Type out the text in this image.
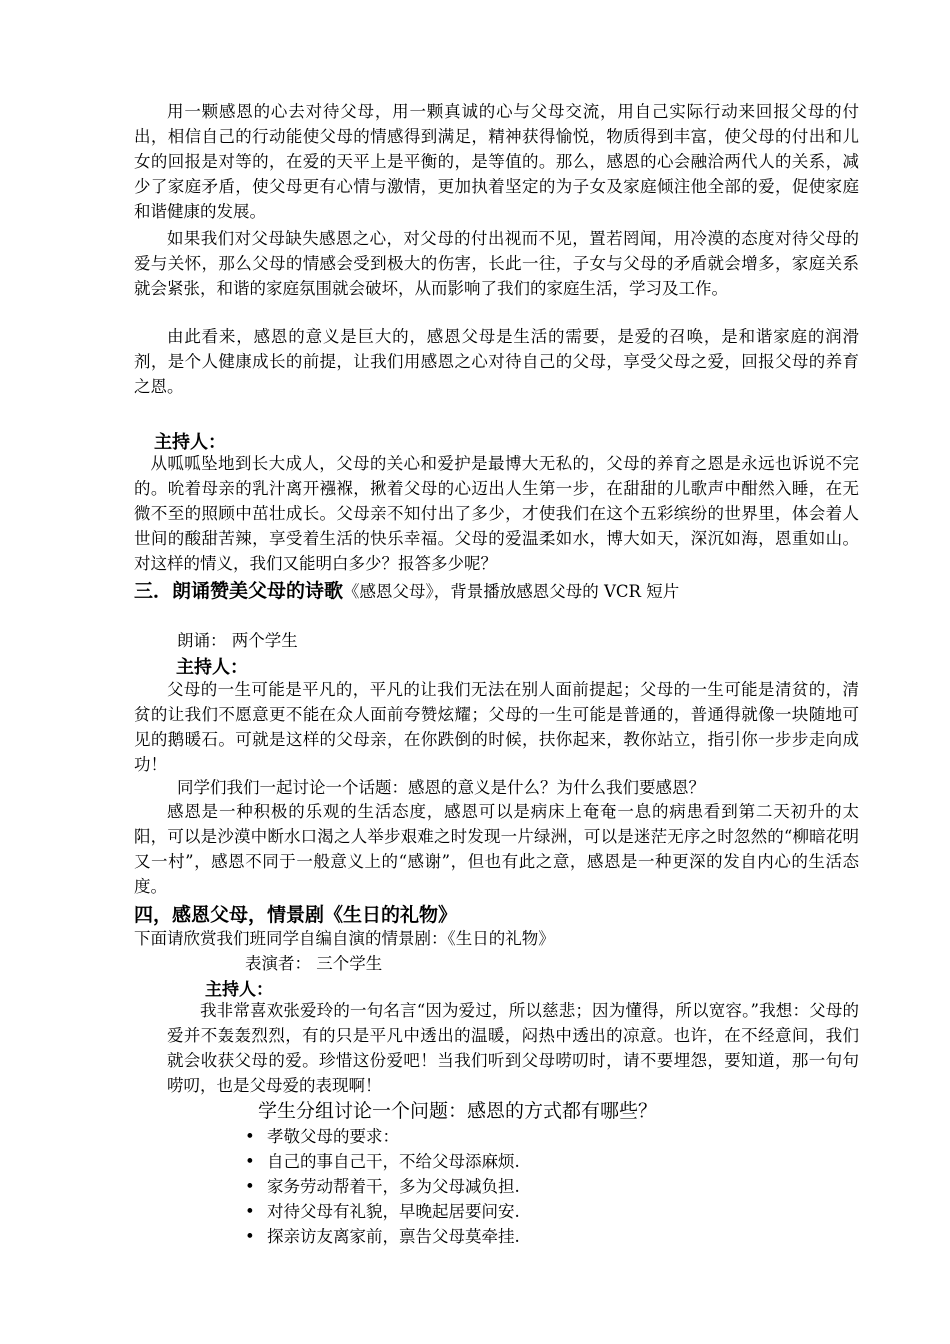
用一颗感恩的心去对待父母，用一颗真诚的心与父母交流，用自己实际行动来回报父母的付出，相信自己的行动能使父母的情感得到满足，精神获得愉悦，物质得到丰富，使父母的付出和儿女的回报是对等的，在爱的天平上是平衡的，是等值的。那么，感恩的心会融洽两代人的关系，减少了家庭矛盾，使父母更有心情与激情，更加执着坚定的为子女及家庭倾注他全部的爱，促使家庭和谐健康的发展。

如果我们对父母缺失感恩之心，对父母的付出视而不见，置若罔闻，用冷漠的态度对待父母的爱与关怀，那么父母的情感会受到极大的伤害，长此一往，子女与父母的矛盾就会增多，家庭关系就会紧张，和谐的家庭氛围就会破坏，从而影响了我们的家庭生活，学习及工作。

由此看来，感恩的意义是巨大的，感恩父母是生活的需要，是爱的召唤，是和谐家庭的润滑剂，是个人健康成长的前提，让我们用感恩之心对待自己的父母，享受父母之爱，回报父母的养育之恩。

主持人：

从呱呱坠地到长大成人，父母的关心和爱护是最博大无私的，父母的养育之恩是永远也诉说不完的。吮着母亲的乳汁离开襁褓，揪着父母的心迈出人生第一步，在甜甜的儿歌声中酣然入睡，在无微不至的照顾中茁壮成长。父母亲不知付出了多少，才使我们在这个五彩缤纷的世界里，体会着人世间的酸甜苦辣，享受着生活的快乐幸福。父母的爱温柔如水，博大如天，深沉如海，恩重如山。对这样的情义，我们又能明白多少？报答多少呢？

三．朗诵赞美父母的诗歌《感恩父母》，背景播放感恩父母的 VCR 短片
朗诵： 两个学生
主持人：

父母的一生可能是平凡的，平凡的让我们无法在别人面前提起；父母的一生可能是清贫的，清贫的让我们不愿意更不能在众人面前夸赞炫耀；父母的一生可能是普通的，普通得就像一块随地可见的鹅暖石。可就是这样的父母亲，在你跌倒的时候，扶你起来，教你站立，指引你一步步走向成功！

同学们我们一起讨论一个话题：感恩的意义是什么？为什么我们要感恩？

感恩是一种积极的乐观的生活态度，感恩可以是病床上奄奄一息的病患看到第二天初升的太阳，可以是沙漠中断水口渴之人举步艰难之时发现一片绿洲，可以是迷茫无序之时忽然的“柳暗花明又一村”，感恩不同于一般意义上的“感谢”，但也有此之意，感恩是一种更深的发自内心的生活态度。

四，感恩父母，情景剧《生日的礼物》
下面请欣赏我们班同学自编自演的情景剧：《生日的礼物》
表演者： 三个学生
主持人：

我非常喜欢张爱玲的一句名言“因为爱过，所以慈悲；因为懂得，所以宽容。”我想：父母的爱并不轰轰烈烈，有的只是平凡中透出的温暖，闷热中透出的凉意。也许，在不经意间，我们就会收获父母的爱。珍惜这份爱吧！当我们听到父母唠叨时，请不要埋怨，要知道，那一句句唠叨，也是父母爱的表现啊！

学生分组讨论一个问题：感恩的方式都有哪些？
• 孝敬父母的要求：
• 自己的事自己干，不给父母添麻烦.
• 家务劳动帮着干，多为父母减负担.
• 对待父母有礼貌，早晚起居要问安.
• 探亲访友离家前，禀告父母莫牵挂.
